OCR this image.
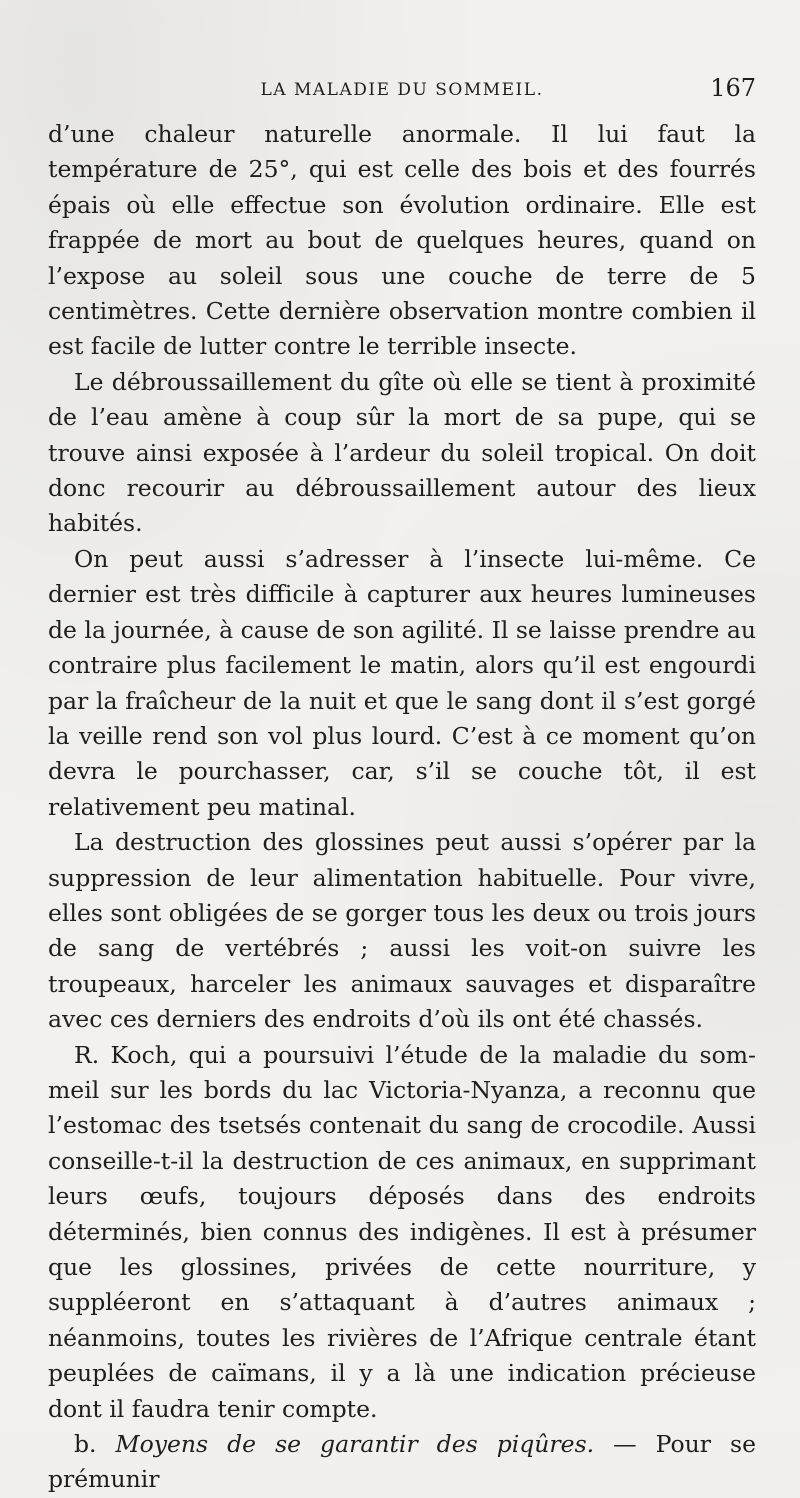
LA MALADIE DU SOMMEIL.	167

d’une chaleur naturelle anormale. Il lui faut la température de 25°, qui est celle des bois et des fourrés épais où elle effectue son évolution ordinaire. Elle est frappée de mort au bout de quelques heures, quand on l’expose au soleil sous une couche de terre de 5 centimètres. Cette dernière observation montre combien il est facile de lutter contre le terrible insecte.

Le débroussaillement du gîte où elle se tient à proximité de l’eau amène à coup sûr la mort de sa pupe, qui se trouve ainsi exposée à l’ardeur du soleil tropical. On doit donc recourir au débroussaillement autour des lieux habités.

On peut aussi s’adresser à l’insecte lui-même. Ce dernier est très difficile à capturer aux heures lumineuses de la journée, à cause de son agilité. Il se laisse prendre au contraire plus facilement le matin, alors qu’il est engourdi par la fraîcheur de la nuit et que le sang dont il s’est gorgé la veille rend son vol plus lourd. C’est à ce moment qu’on devra le pourchasser, car, s’il se couche tôt, il est relativement peu matinal.

La destruction des glossines peut aussi s’opérer par la suppression de leur alimentation habituelle. Pour vivre, elles sont obligées de se gorger tous les deux ou trois jours de sang de vertébrés ; aussi les voit-on suivre les troupeaux, harceler les animaux sauvages et disparaître avec ces derniers des endroits d’où ils ont été chassés.

R. Koch, qui a poursuivi l’étude de la maladie du sommeil sur les bords du lac Victoria-Nyanza, a reconnu que l’estomac des tsetsés contenait du sang de crocodile. Aussi conseille-t-il la destruction de ces animaux, en supprimant leurs œufs, toujours déposés dans des endroits déterminés, bien connus des indigènes. Il est à présumer que les glossines, privées de cette nourriture, y suppléeront en s’attaquant à d’autres animaux ; néanmoins, toutes les rivières de l’Afrique centrale étant peuplées de caïmans, il y a là une indication précieuse dont il faudra tenir compte.

b. Moyens de se garantir des piqûres. — Pour se prémunir
